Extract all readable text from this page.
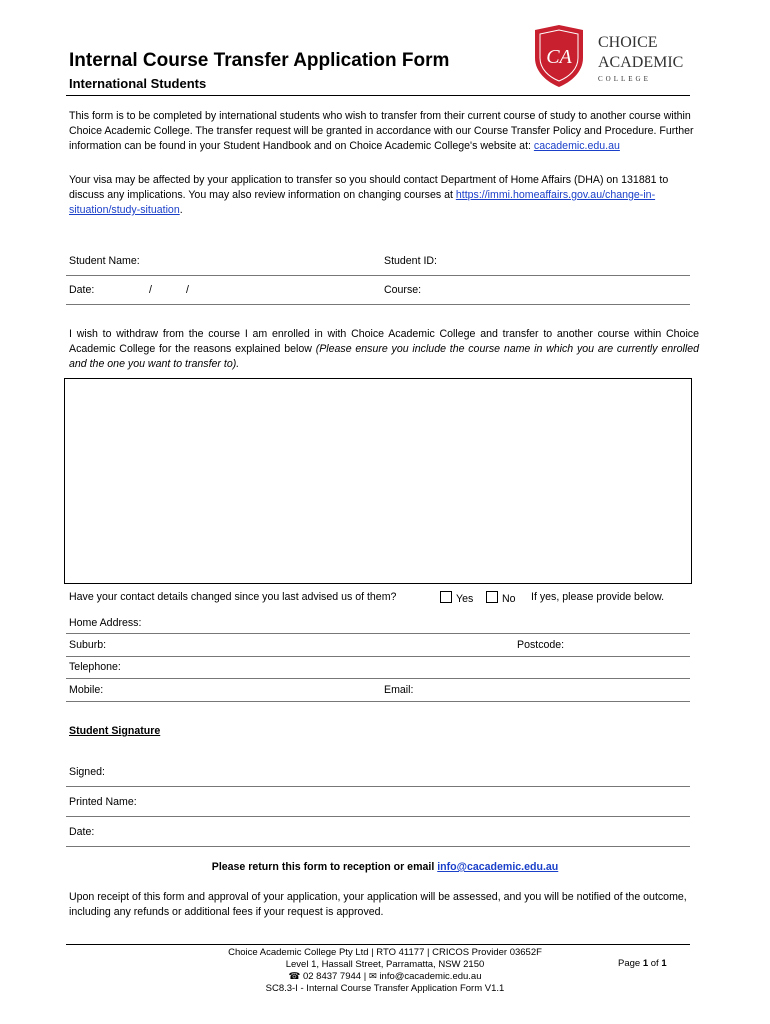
Internal Course Transfer Application Form
International Students
CA
CHOICE
ACADEMIC
COLLEGE
This form is to be completed by international students who wish to transfer from their current course of study to another course within Choice Academic College. The transfer request will be granted in accordance with our Course Transfer Policy and Procedure. Further information can be found in your Student Handbook and on Choice Academic College's website at: cacademic.edu.au
Your visa may be affected by your application to transfer so you should contact Department of Home Affairs (DHA) on 131881 to discuss any implications. You may also review information on changing courses at https://immi.homeaffairs.gov.au/change-in-situation/study-situation.
Student Name:	Student ID:
Date:	/	/	Course:
I wish to withdraw from the course I am enrolled in with Choice Academic College and transfer to another course within Choice Academic College for the reasons explained below (Please ensure you include the course name in which you are currently enrolled and the one you want to transfer to).
Have your contact details changed since you last advised us of them?	Yes	No If yes, please provide below.
Home Address:
Suburb:	Postcode:
Telephone:
Mobile:	Email:
Student Signature
Signed:
Printed Name:
Date:
Please return this form to reception or email info@cacademic.edu.au
Upon receipt of this form and approval of your application, your application will be assessed, and you will be notified of the outcome, including any refunds or additional fees if your request is approved.
Choice Academic College Pty Ltd | RTO 41177 | CRICOS Provider 03652F
Level 1, Hassall Street, Parramatta, NSW 2150
☎ 02 8437 7944 | ✉ info@cacademic.edu.au
SC8.3-I - Internal Course Transfer Application Form V1.1
Page 1 of 1
